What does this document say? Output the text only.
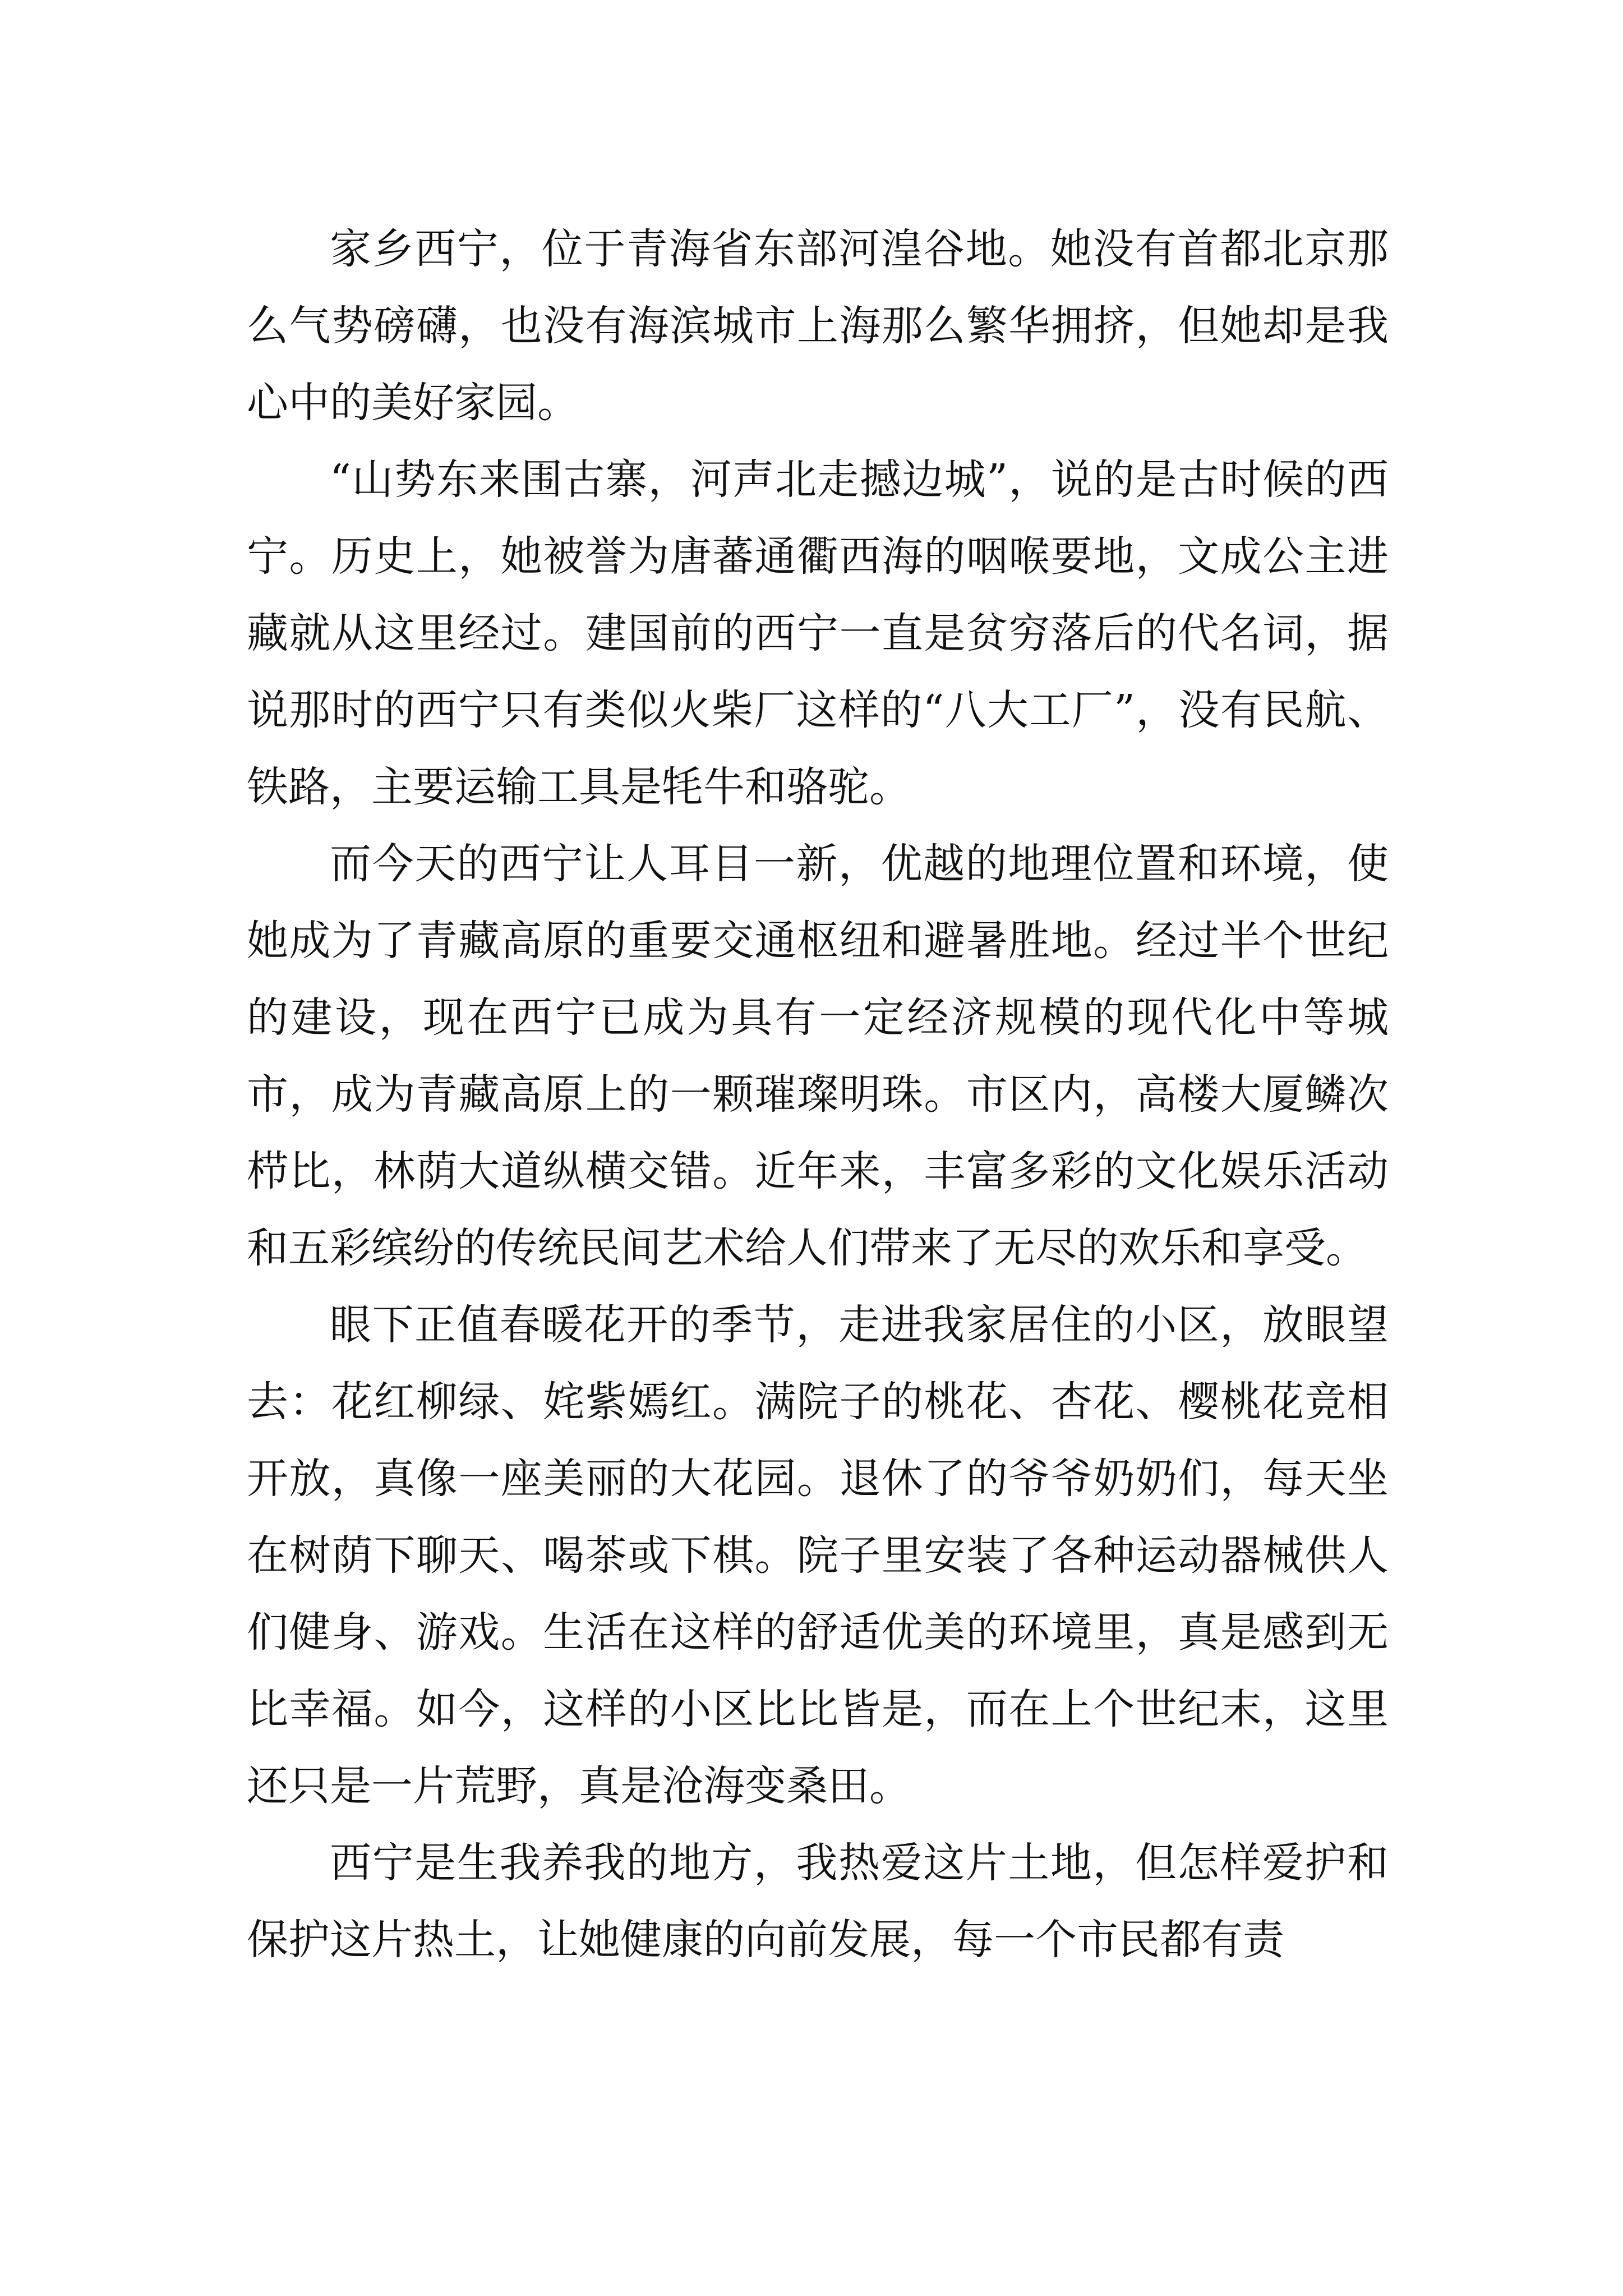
家乡西宁，位于青海省东部河湟谷地。她没有首都北京那么气势磅礴，也没有海滨城市上海那么繁华拥挤，但她却是我心中的美好家园。

“山势东来围古寨，河声北走撼边城”，说的是古时候的西宁。历史上，她被誉为唐蕃通衢西海的咽喉要地，文成公主进藏就从这里经过。建国前的西宁一直是贫穷落后的代名词，据说那时的西宁只有类似火柴厂这样的“八大工厂”，没有民航、铁路，主要运输工具是牦牛和骆驼。

而今天的西宁让人耳目一新，优越的地理位置和环境，使她成为了青藏高原的重要交通枢纽和避暑胜地。经过半个世纪的建设，现在西宁已成为具有一定经济规模的现代化中等城市，成为青藏高原上的一颗璀璨明珠。市区内，高楼大厦鳞次栉比，林荫大道纵横交错。近年来，丰富多彩的文化娱乐活动和五彩缤纷的传统民间艺术给人们带来了无尽的欢乐和享受。

眼下正值春暖花开的季节，走进我家居住的小区，放眼望去：花红柳绿、姹紫嫣红。满院子的桃花、杏花、樱桃花竞相开放，真像一座美丽的大花园。退休了的爷爷奶奶们，每天坐在树荫下聊天、喝茶或下棋。院子里安装了各种运动器械供人们健身、游戏。生活在这样的舒适优美的环境里，真是感到无比幸福。如今，这样的小区比比皆是，而在上个世纪末，这里还只是一片荒野，真是沧海变桑田。

西宁是生我养我的地方，我热爱这片土地，但怎样爱护和保护这片热土，让她健康的向前发展，每一个市民都有责
